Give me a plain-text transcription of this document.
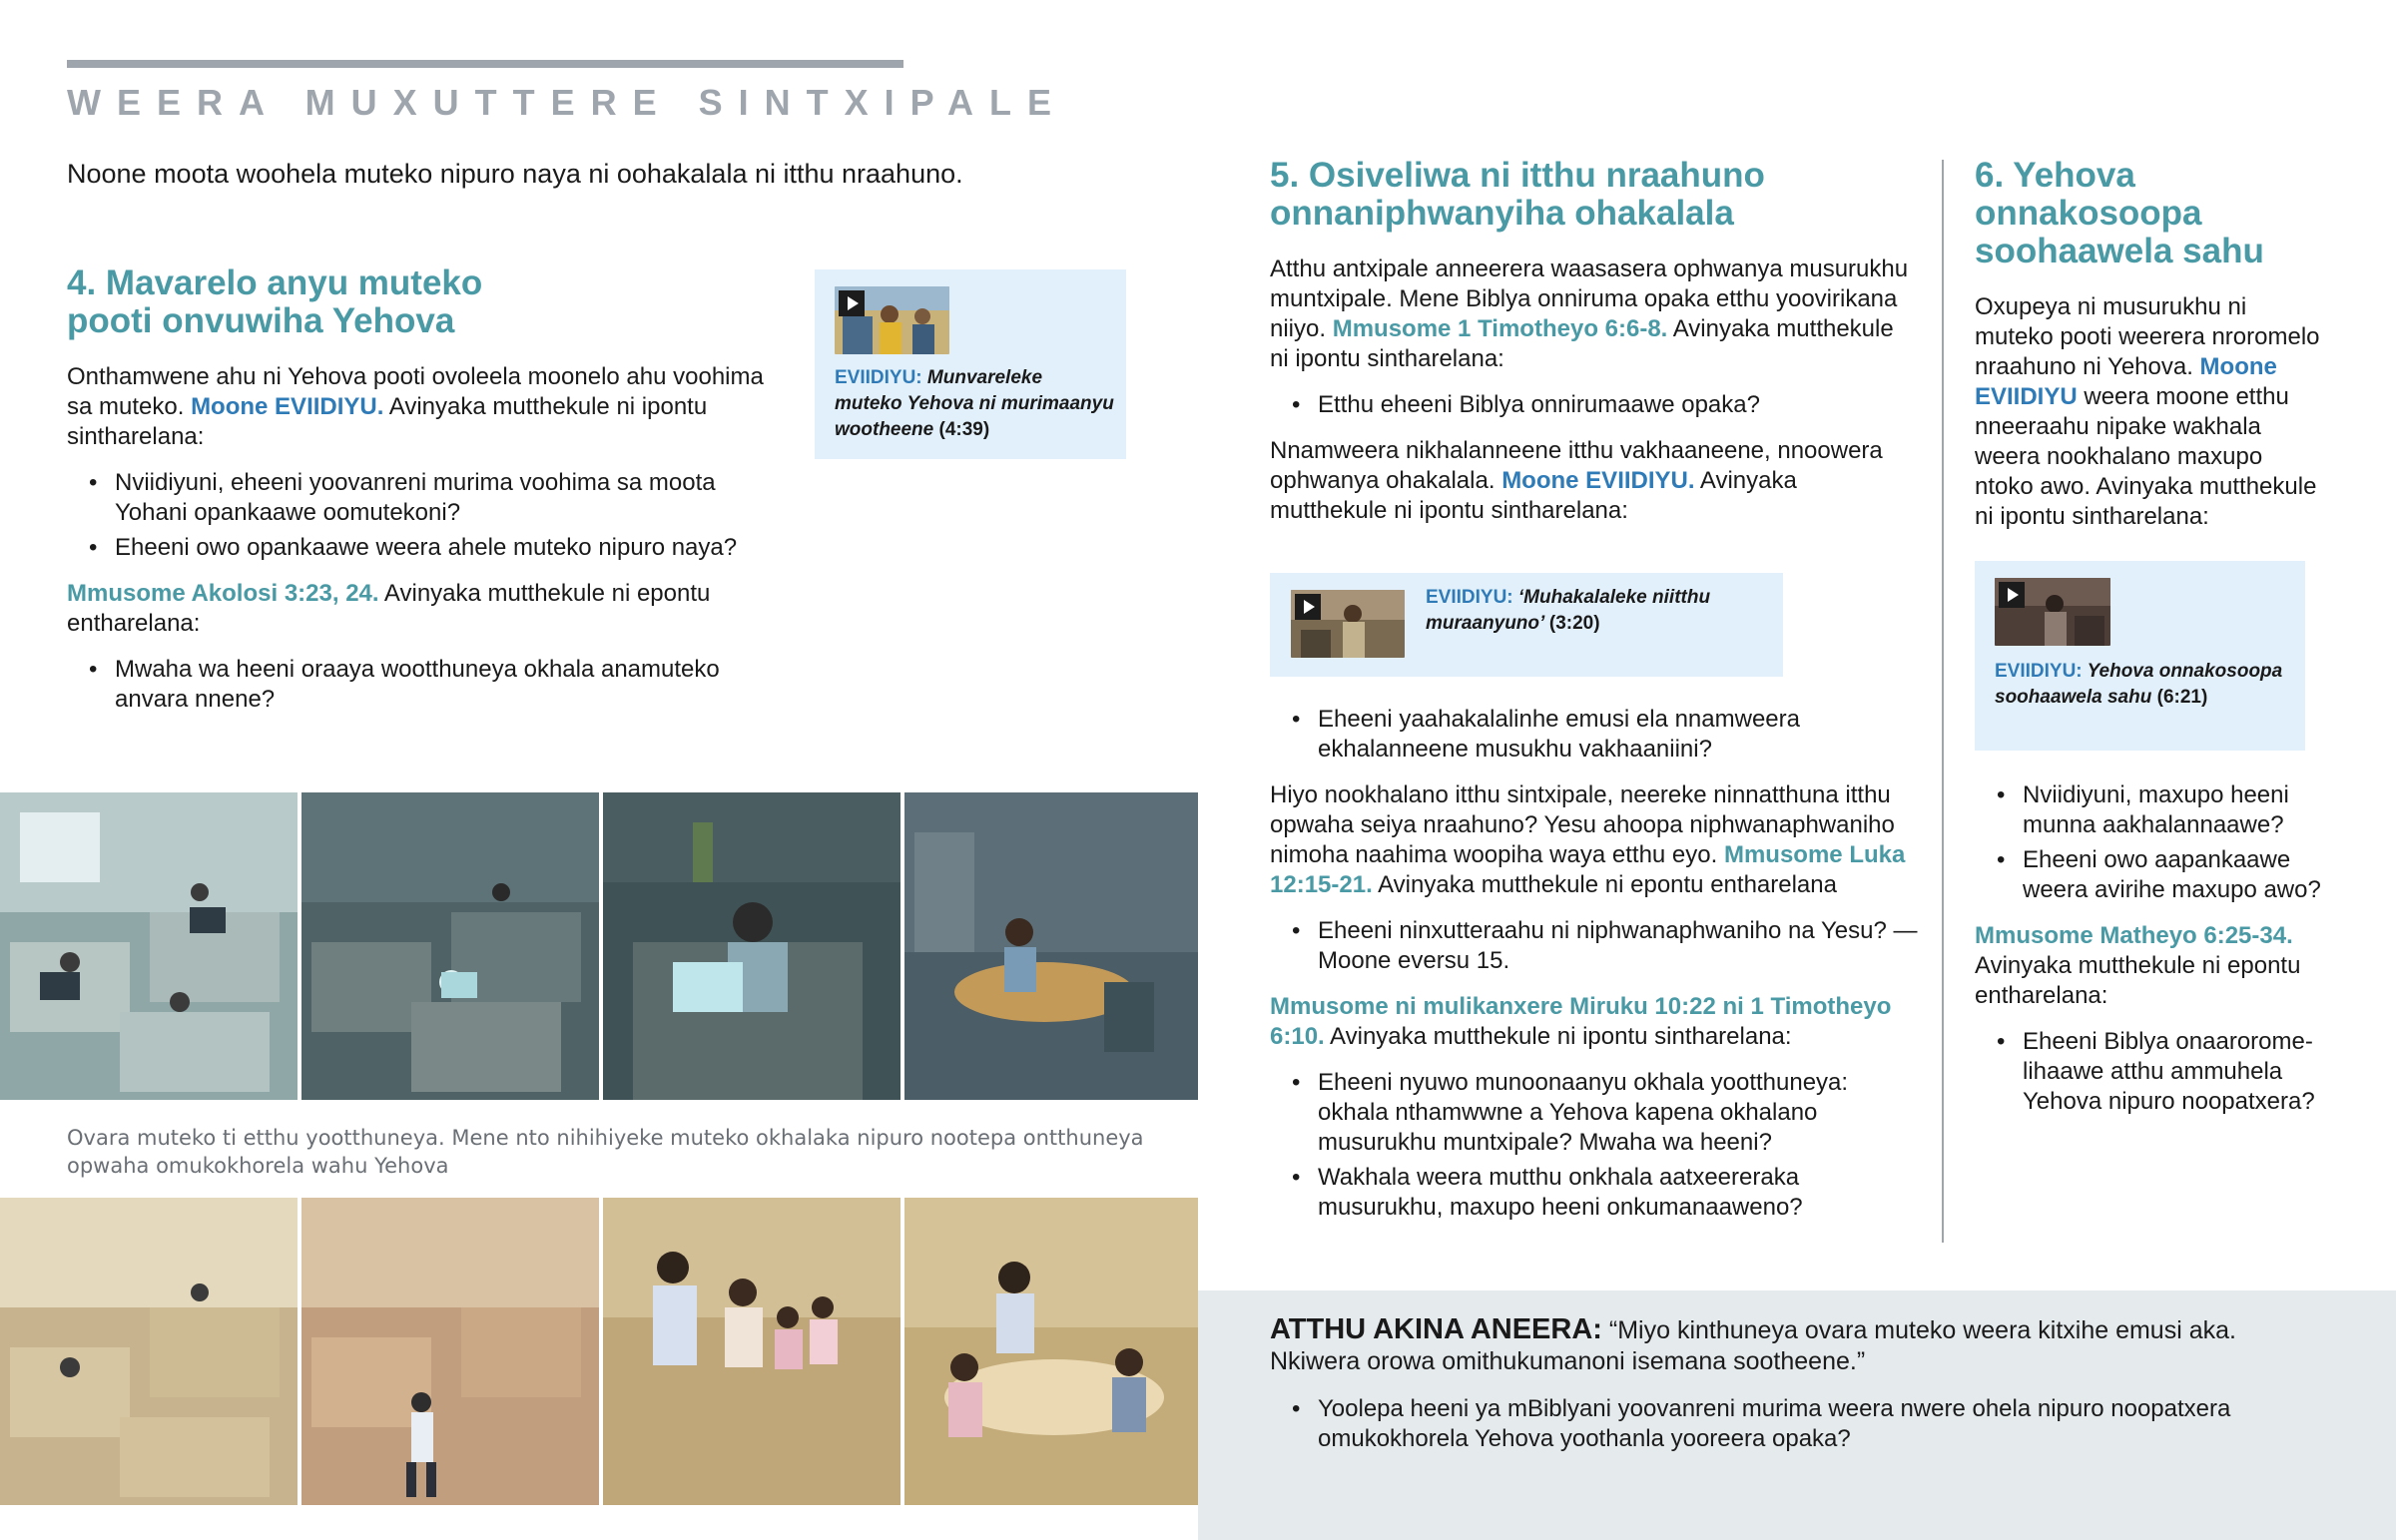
WEERA MUXUTTERE SINTXIPALE
Noone moota woohela muteko nipuro naya ni oohakalala ni itthu nraahuno.
4. Mavarelo anyu muteko
pooti onvuwiha Yehova
Onthamwene ahu ni Yehova pooti ovoleela moonelo ahu voohima sa muteko. Moone EVIIDIYU. Avinyaka mutthekule ni ipontu sintharelana:
• Nviidiyuni, eheeni yoovanreni murima voohima sa moota Yohani opankaawe oomutekoni?
• Eheeni owo opankaawe weera ahele muteko nipuro naya?
Mmusome Akolosi 3:23, 24. Avinyaka mutthekule ni epontu entharelana:
• Mwaha wa heeni oraaya wootthuneya okhala anamuteko anvara nnene?
EVIIDIYU: Munvareleke muteko Yehova ni murimaanyu wootheene (4:39)
Ovara muteko ti etthu yootthuneya. Mene nto nihihiyeke muteko okhalaka nipuro nootepa ontthuneya opwaha omukokhorela wahu Yehova
5. Osiveliwa ni itthu nraahuno
onnaniphwanyiha ohakalala
Atthu antxipale anneerera waasasera ophwanya musurukhu muntxipale. Mene Biblya onniruma opaka etthu yoovirikana niiyo. Mmusome 1 Timotheyo 6:6-8. Avinyaka mutthekule ni ipontu sintharelana:
• Etthu eheeni Biblya onnirumaawe opaka?
Nnamweera nikhalanneene itthu vakhaaneene, nnoowera ophwanya ohakalala. Moone EVIIDIYU. Avinyaka mutthekule ni ipontu sintharelana:
EVIIDIYU: ‘Muhakalaleke niitthu muraanyuno’ (3:20)
• Eheeni yaahakalalinhe emusi ela nnamweera ekhalanneene musukhu vakhaaniini?
Hiyo nookhalano itthu sintxipale, neereke ninnatthuna itthu opwaha seiya nraahuno? Yesu ahoopa niphwanaphwaniho nimoha naahima woopiha waya etthu eyo. Mmusome Luka 12:15-21. Avinyaka mutthekule ni epontu entharelana
• Eheeni ninxutteraahu ni niphwanaphwaniho na Yesu? — Moone eversu 15.
Mmusome ni mulikanxere Miruku 10:22 ni 1 Timotheyo 6:10. Avinyaka mutthekule ni ipontu sintharelana:
• Eheeni nyuwo munoonaanyu okhala yootthuneya: okhala nthamwwne a Yehova kapena okhalano musurukhu muntxipale? Mwaha wa heeni?
• Wakhala weera mutthu onkhala aatxeereraka musurukhu, maxupo heeni onkumanaaweno?
6. Yehova
onnakosoopa
soohaawela sahu
Oxupeya ni musurukhu ni muteko pooti weerera nroromelo nraahuno ni Yehova. Moone EVIIDIYU weera moone etthu nneeraahu nipake wakhala weera nookhalano maxupo ntoko awo. Avinyaka mutthekule ni ipontu sintharelana:
EVIIDIYU: Yehova onnakosoopa soohaawela sahu (6:21)
• Nviidiyuni, maxupo heeni munna aakhalannaawe?
• Eheeni owo aapankaawe weera avirihe maxupo awo?
Mmusome Matheyo 6:25-34. Avinyaka mutthekule ni epontu entharelana:
• Eheeni Biblya onaaroromelihaawe atthu ammuhela Yehova nipuro noopatxera?
ATTHU AKINA ANEERA: “Miyo kinthuneya ovara muteko weera kitxihe emusi aka. Nkiwera orowa omithukumanoni isemana sootheene.”
• Yoolepa heeni ya mBiblyani yoovanreni murima weera nwere ohela nipuro noopatxera omukokhorela Yehova yoothanla yooreera opaka?
